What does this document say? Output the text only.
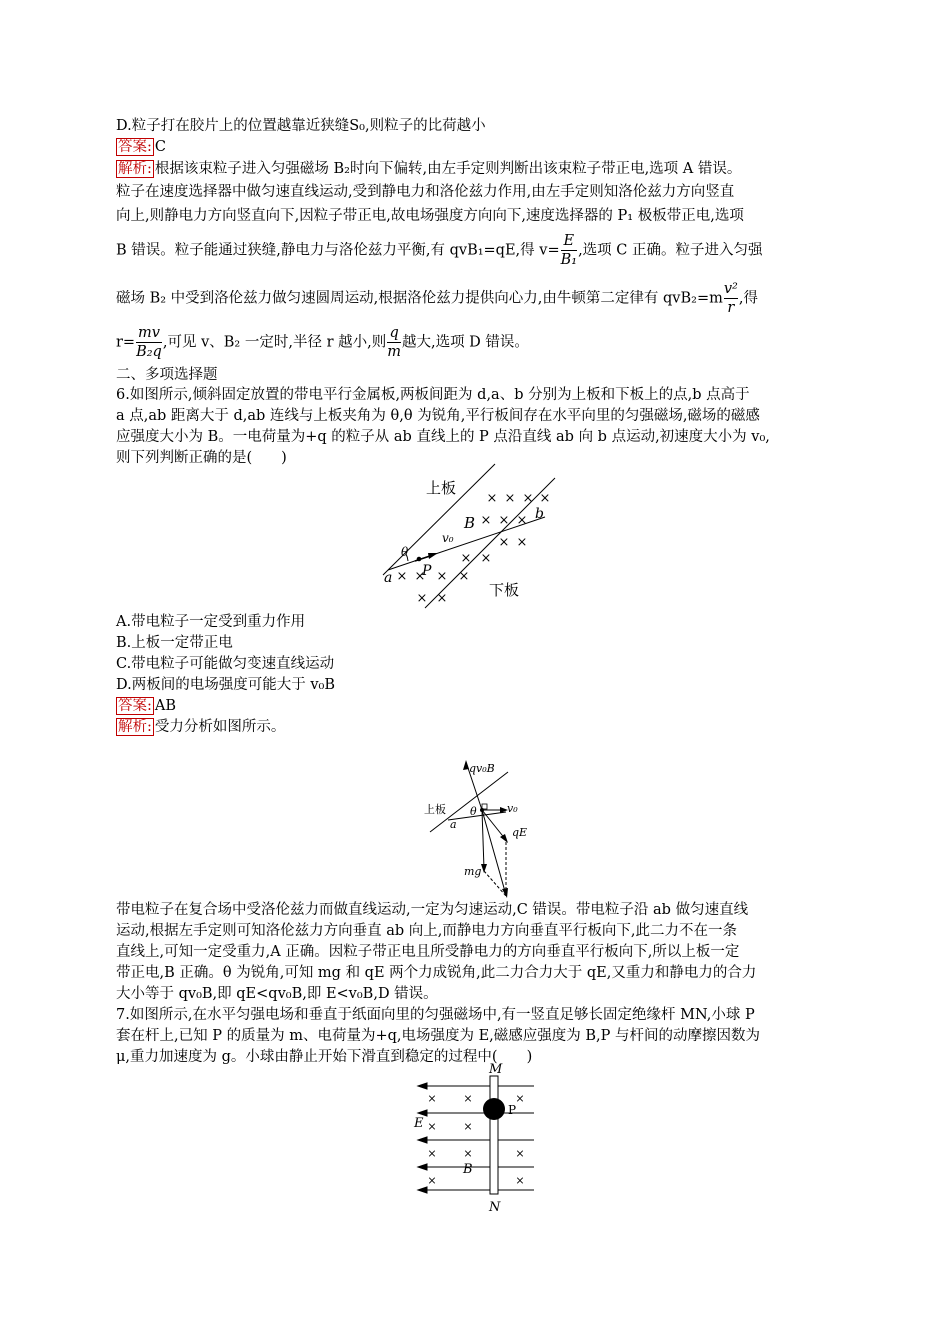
D.粒子打在胶片上的位置越靠近狭缝S₀,则粒子的比荷越小
答案: C
解析: 根据该束粒子进入匀强磁场 B₂时向下偏转,由左手定则判断出该束粒子带正电,选项 A 错误。
粒子在速度选择器中做匀速直线运动,受到静电力和洛伦兹力作用,由左手定则知洛伦兹力方向竖直
向上,则静电力方向竖直向下,因粒子带正电,故电场强度方向向下,速度选择器的 P₁ 极板带正电,选项
B 错误。粒子能通过狭缝,静电力与洛伦兹力平衡,有 qvB₁=qE,得 $v= \frac{E}{\text{B₁}}$ ,选项 C 正确。粒子进入匀强
磁场 B₂ 中受到洛伦兹力做匀速圆周运动,根据洛伦兹力提供向心力,由牛顿第二定律有 $qvB_2=m \frac{\text{v²}}{r}$ ,得
$r= \frac{mv}{\text{B₂q}}$ ,可见 v、B₂ 一定时,半径 r 越小,则 $\frac{q}{m}$ 越大,选项 D 错误。
二、多项选择题
6.如图所示,倾斜固定放置的带电平行金属板,两板间距为 d,a、b 分别为上板和下板上的点,b 点高于
a 点,ab 距离大于 d,ab 连线与上板夹角为 θ,θ 为锐角,平行板间存在水平向里的匀强磁场,磁场的磁感
应强度大小为 B。一电荷量为+q 的粒子从 ab 直线上的 P 点沿直线 ab 向 b 点运动,初速度大小为 v₀,
则下列判断正确的是(　　)
× × × ×
× × ×
× ×
× ×
× × × ×
× ×
上板
下板
B
v₀
P
a
b
θ
A.带电粒子一定受到重力作用
B.上板一定带正电
C.带电粒子可能做匀变速直线运动
D.两板间的电场强度可能大于 v₀B
答案: AB
解析: 受力分析如图所示。
qv₀B
上板 θ
a
v₀
qE
mg
带电粒子在复合场中受洛伦兹力而做直线运动,一定为匀速运动,C 错误。带电粒子沿 ab 做匀速直线
运动,根据左手定则可知洛伦兹力方向垂直 ab 向上,而静电力方向垂直平行板向下,此二力不在一条
直线上,可知一定受重力,A 正确。因粒子带正电且所受静电力的方向垂直平行板向下,所以上板一定
带正电,B 正确。θ 为锐角,可知 mg 和 qE 两个力成锐角,此二力合力大于 qE,又重力和静电力的合力
大小等于 qv₀B,即 qE<qv₀B,即 E<v₀B,D 错误。
7.如图所示,在水平匀强电场和垂直于纸面向里的匀强磁场中,有一竖直足够长固定绝缘杆 MN,小球 P
套在杆上,已知 P 的质量为 m、电荷量为+q,电场强度为 E,磁感应强度为 B,P 与杆间的动摩擦因数为
μ,重力加速度为 g。小球由静止开始下滑直到稳定的过程中(　　)
× ×	×
× ×
× ×	×
×	×
M
N
P
E
B
